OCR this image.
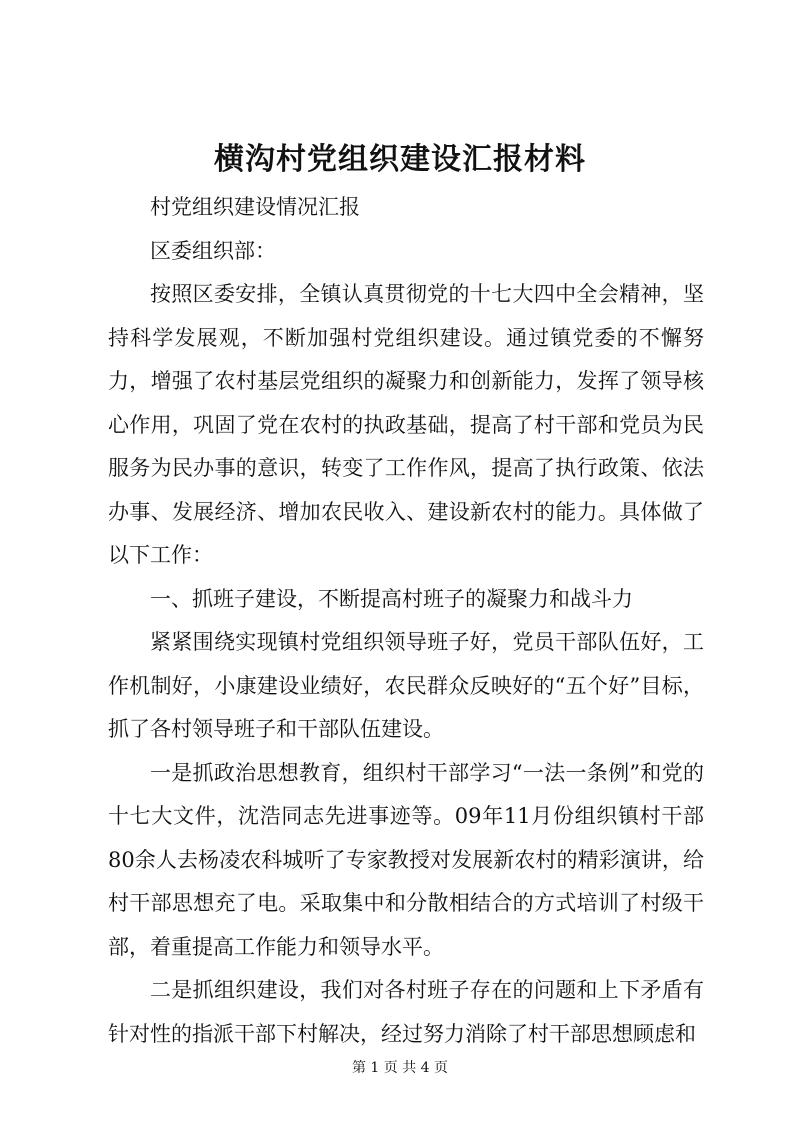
横沟村党组织建设汇报材料

村党组织建设情况汇报

区委组织部：

按照区委安排，全镇认真贯彻党的十七大四中全会精神，坚持科学发展观，不断加强村党组织建设。通过镇党委的不懈努力，增强了农村基层党组织的凝聚力和创新能力，发挥了领导核心作用，巩固了党在农村的执政基础，提高了村干部和党员为民服务为民办事的意识，转变了工作作风，提高了执行政策、依法办事、发展经济、增加农民收入、建设新农村的能力。具体做了以下工作：

一、抓班子建设，不断提高村班子的凝聚力和战斗力

紧紧围绕实现镇村党组织领导班子好，党员干部队伍好，工作机制好，小康建设业绩好，农民群众反映好的“五个好”目标，抓了各村领导班子和干部队伍建设。

一是抓政治思想教育，组织村干部学习“一法一条例”和党的十七大文件，沈浩同志先进事迹等。09年11月份组织镇村干部80余人去杨凌农科城听了专家教授对发展新农村的精彩演讲，给村干部思想充了电。采取集中和分散相结合的方式培训了村级干部，着重提高工作能力和领导水平。

二是抓组织建设，我们对各村班子存在的问题和上下矛盾有针对性的指派干部下村解决，经过努力消除了村干部思想顾虑和

第 1 页 共 4 页
